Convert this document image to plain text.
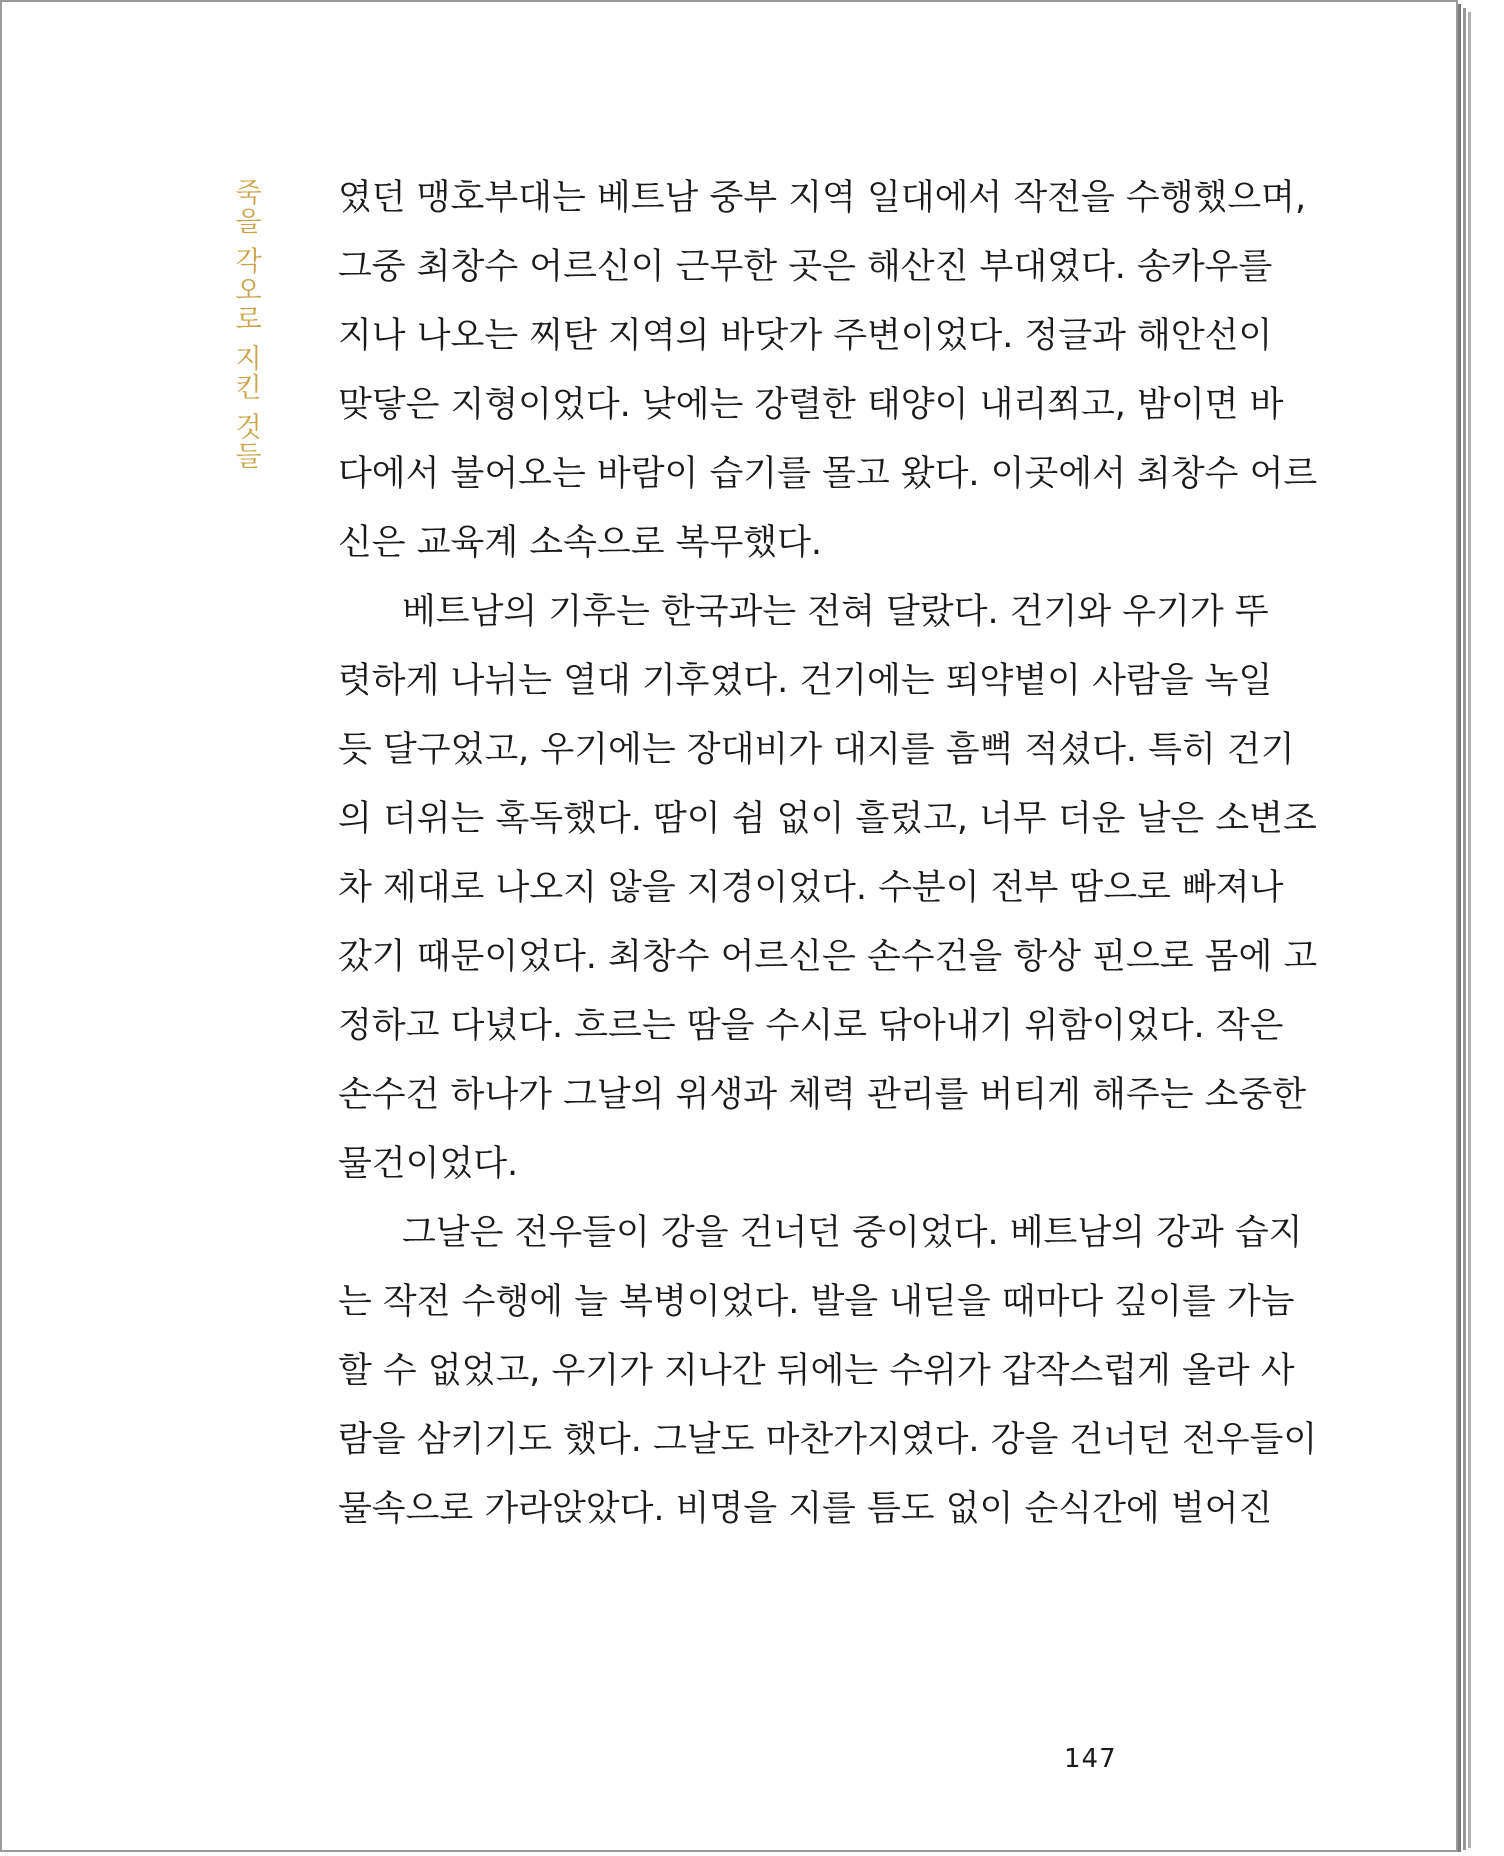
죽을 각오로 지킨 것들 였던 맹호부대는 베트남 중부 지역 일대에서 작전을 수행했으며,
그중 최창수 어르신이 근무한 곳은 해산진 부대였다. 송카우를
지나 나오는 찌탄 지역의 바닷가 주변이었다. 정글과 해안선이
맞닿은 지형이었다. 낮에는 강렬한 태양이 내리쬐고, 밤이면 바
다에서 불어오는 바람이 습기를 몰고 왔다. 이곳에서 최창수 어르
신은 교육계 소속으로 복무했다.
베트남의 기후는 한국과는 전혀 달랐다. 건기와 우기가 뚜
렷하게 나뉘는 열대 기후였다. 건기에는 뙤약볕이 사람을 녹일
듯 달구었고, 우기에는 장대비가 대지를 흠뻑 적셨다. 특히 건기
의 더위는 혹독했다. 땀이 쉼 없이 흘렀고, 너무 더운 날은 소변조
차 제대로 나오지 않을 지경이었다. 수분이 전부 땀으로 빠져나
갔기 때문이었다. 최창수 어르신은 손수건을 항상 핀으로 몸에 고
정하고 다녔다. 흐르는 땀을 수시로 닦아내기 위함이었다. 작은
손수건 하나가 그날의 위생과 체력 관리를 버티게 해주는 소중한
물건이었다.
그날은 전우들이 강을 건너던 중이었다. 베트남의 강과 습지
는 작전 수행에 늘 복병이었다. 발을 내딛을 때마다 깊이를 가늠
할 수 없었고, 우기가 지나간 뒤에는 수위가 갑작스럽게 올라 사
람을 삼키기도 했다. 그날도 마찬가지였다. 강을 건너던 전우들이
물속으로 가라앉았다. 비명을 지를 틈도 없이 순식간에 벌어진
147
